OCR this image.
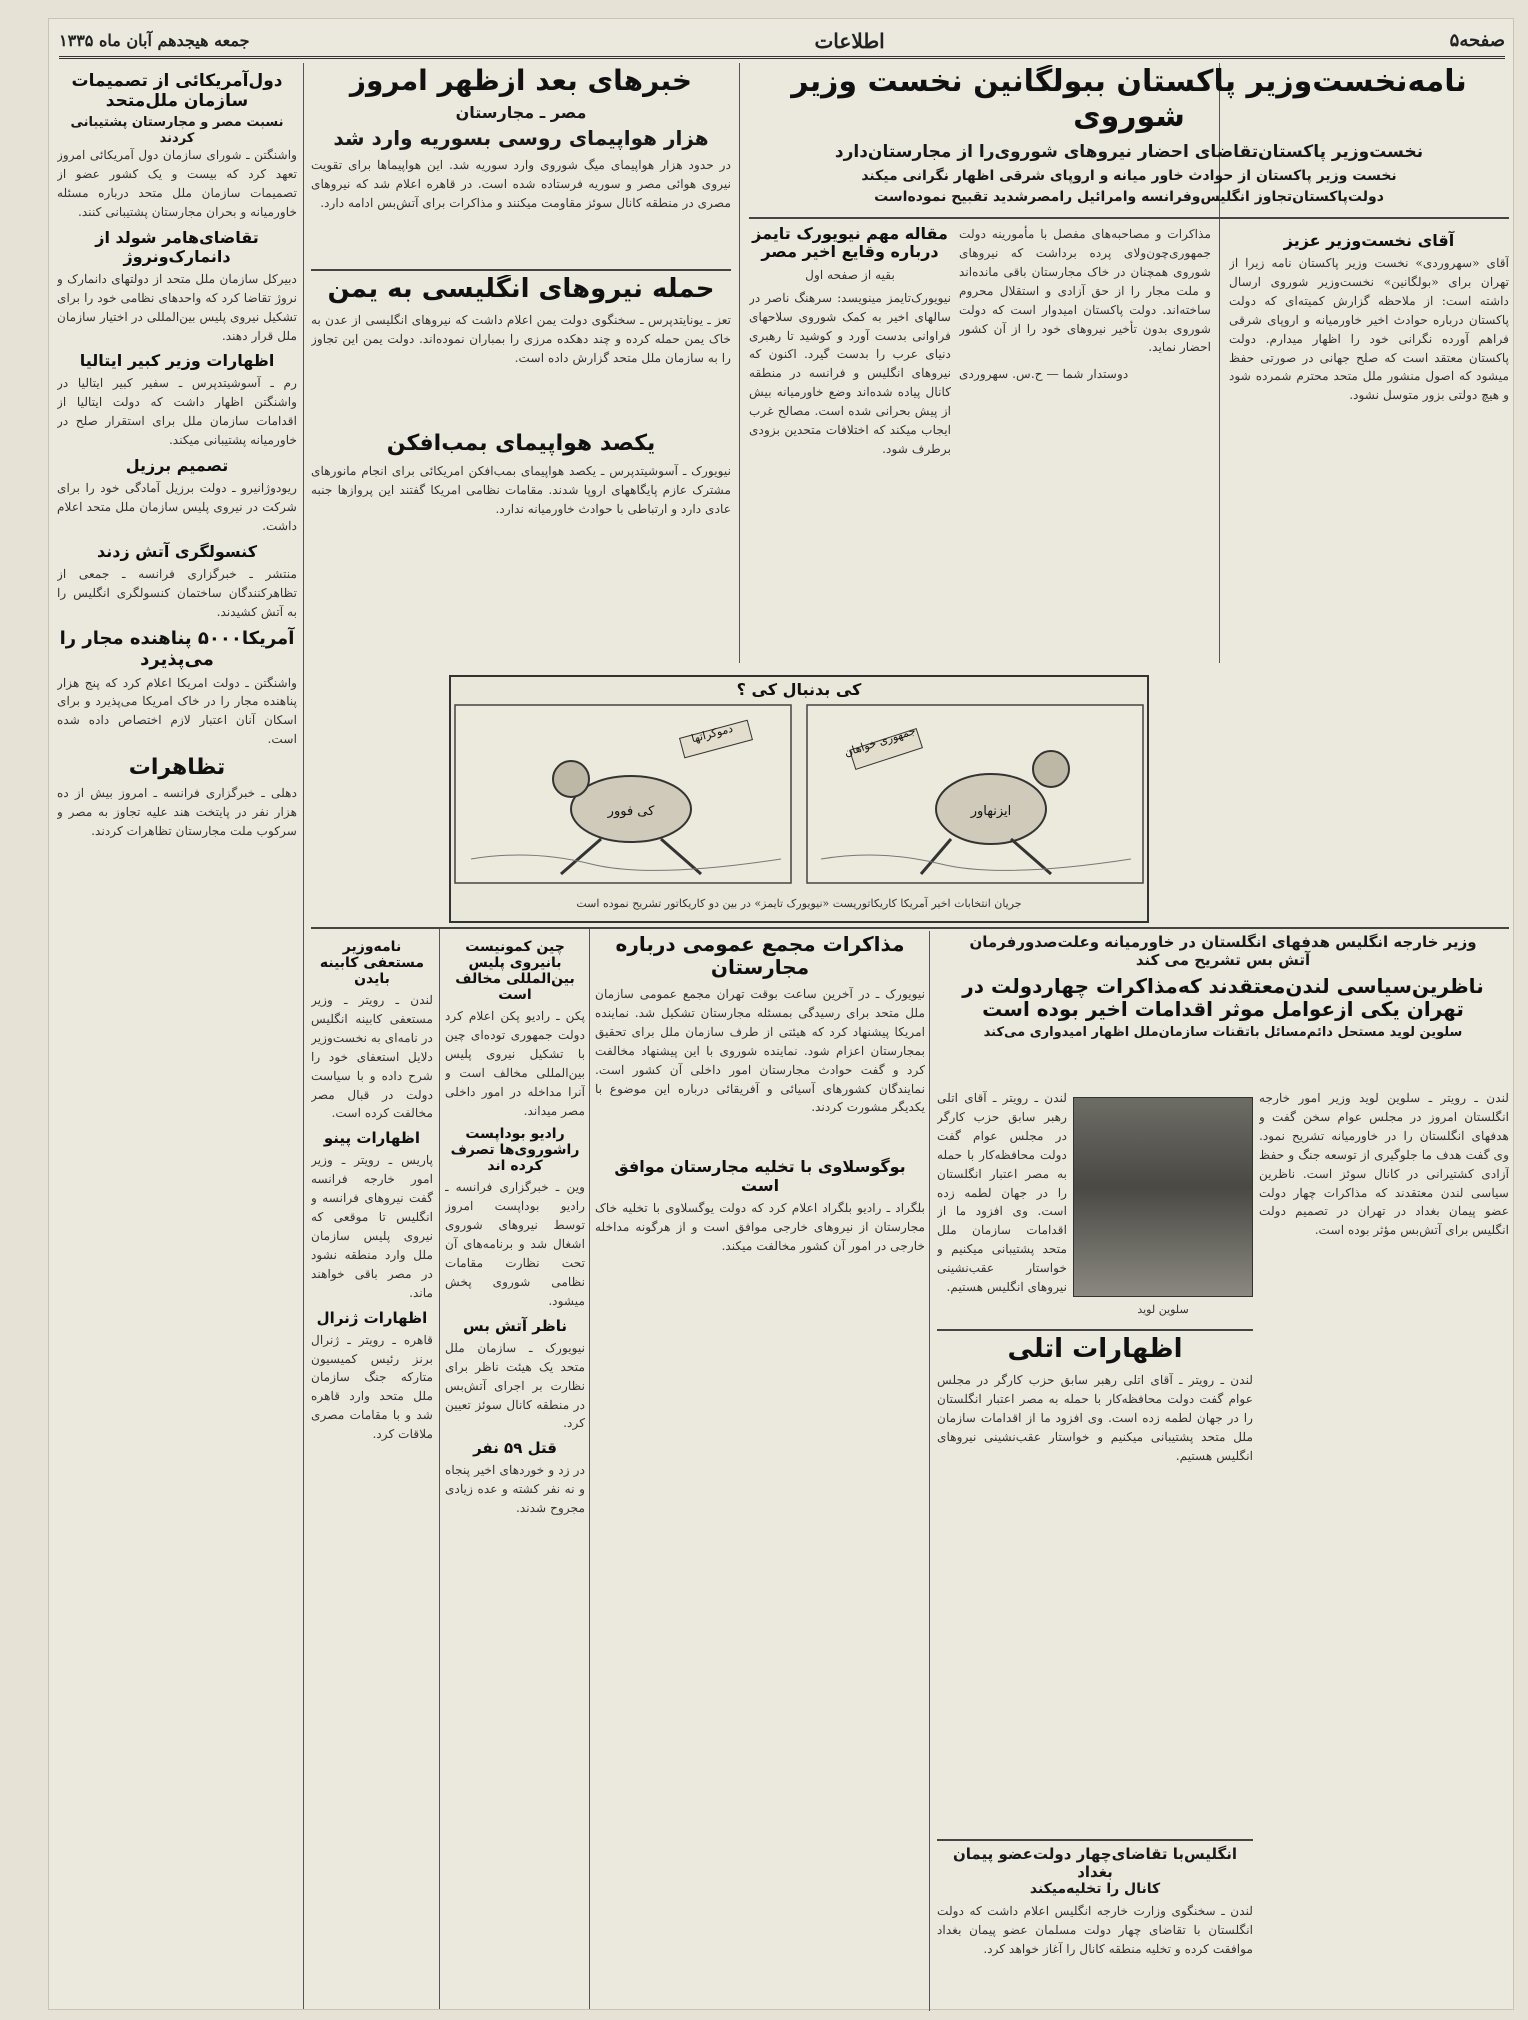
صفحه۵
اطلاعات
جمعه هیجدهم آبان ماه ۱۳۳۵
نامه‌نخست‌وزیر پاکستان ببولگانین نخست وزیر شوروی
نخست‌وزیر پاکستان‌تقاضای احضار نیروهای شوروی‌را از مجارستان‌دارد
نخست وزیر پاکستان از حوادث خاور میانه و اروپای شرقی اظهار نگرانی میکند
دولت‌پاکستان‌تجاوز انگلیس‌وفرانسه وامرائیل رامصرشدید تقبیح نموده‌است
آقای نخست‌وزیر عزیز
آقای «سهروردی» نخست وزیر پاکستان نامه زیرا از تهران برای «بولگانین» نخست‌وزیر شوروی ارسال داشته است: از ملاحظه گزارش کمیته‌ای که دولت پاکستان درباره حوادث اخیر خاورمیانه و اروپای شرقی فراهم آورده نگرانی خود را اظهار میدارم. دولت پاکستان معتقد است که صلح جهانی در صورتی حفظ میشود که اصول منشور ملل متحد محترم شمرده شود و هیچ دولتی بزور متوسل نشود.
مذاکرات و مصاحبه‌های مفصل با مأمورینه دولت جمهوری‌چون‌ولای پرده برداشت که نیروهای شوروی همچنان در خاک مجارستان باقی مانده‌اند و ملت مجار را از حق آزادی و استقلال محروم ساخته‌اند. دولت پاکستان امیدوار است که دولت شوروی بدون تأخیر نیروهای خود را از آن کشور احضار نماید.
دوستدار شما — ح‌.س‌. سهروردی
مقاله مهم نیویورک تایمز درباره وقایع اخیر مصر
بقیه از صفحه اول
نیویورک‌تایمز مینویسد: سرهنگ ناصر در سالهای اخیر به کمک شوروی سلاحهای فراوانی بدست آورد و کوشید تا رهبری دنیای عرب را بدست گیرد. اکنون که نیروهای انگلیس و فرانسه در منطقه کانال پیاده شده‌اند وضع خاورمیانه بیش از پیش بحرانی شده است. مصالح غرب ایجاب میکند که اختلافات متحدین بزودی برطرف شود.
خبرهای بعد ازظهر امروز
مصر ـ مجارستان
هزار هواپیمای روسی بسوریه وارد شد
در حدود هزار هواپیمای میگ شوروی وارد سوریه شد. این هواپیماها برای تقویت نیروی هوائی مصر و سوریه فرستاده شده است. در قاهره اعلام شد که نیروهای مصری در منطقه کانال سوئز مقاومت میکنند و مذاکرات برای آتش‌بس ادامه دارد.
حمله نیروهای انگلیسی به یمن
تعز ـ یونایتدپرس ـ سخنگوی دولت یمن اعلام داشت که نیروهای انگلیسی از عدن به خاک یمن حمله کرده و چند دهکده مرزی را بمباران نموده‌اند. دولت یمن این تجاوز را به سازمان ملل متحد گزارش داده است.
یکصد هواپیمای بمب‌افکن
نیویورک ـ آسوشیتدپرس ـ یکصد هواپیمای بمب‌افکن امریکائی برای انجام مانورهای مشترک عازم پایگاههای اروپا شدند. مقامات نظامی امریکا گفتند این پروازها جنبه عادی دارد و ارتباطی با حوادث خاورمیانه ندارد.
دول‌آمریکائی از تصمیمات سازمان ملل‌متحد
نسبت مصر و مجارستان پشتیبانی کردند
واشنگتن ـ شورای سازمان دول آمریکائی امروز تعهد کرد که بیست و یک کشور عضو از تصمیمات سازمان ملل متحد درباره مسئله خاورمیانه و بحران مجارستان پشتیبانی کنند.
تقاضای‌هامر شولد از دانمارک‌ونروژ
دبیرکل سازمان ملل متحد از دولتهای دانمارک و نروژ تقاضا کرد که واحدهای نظامی خود را برای تشکیل نیروی پلیس بین‌المللی در اختیار سازمان ملل قرار دهند.
اظهارات وزیر کبیر ایتالیا
رم ـ آسوشیتدپرس ـ سفیر کبیر ایتالیا در واشنگتن اظهار داشت که دولت ایتالیا از اقدامات سازمان ملل برای استقرار صلح در خاورمیانه پشتیبانی میکند.
تصمیم برزیل
ریودوژانیرو ـ دولت برزیل آمادگی خود را برای شرکت در نیروی پلیس سازمان ملل متحد اعلام داشت.
کنسولگری آتش زدند
منتشر ـ خبرگزاری فرانسه ـ جمعی از تظاهرکنندگان ساختمان کنسولگری انگلیس را به آتش کشیدند.
آمریکا۵۰۰۰ پناهنده مجار را می‌پذیرد
واشنگتن ـ دولت امریکا اعلام کرد که پنج هزار پناهنده مجار را در خاک امریکا می‌پذیرد و برای اسکان آنان اعتبار لازم اختصاص داده شده است.
تظاهرات
دهلی ـ خبرگزاری فرانسه ـ امروز بیش از ده هزار نفر در پایتخت هند علیه تجاوز به مصر و سرکوب ملت مجارستان تظاهرات کردند.
نامه‌وزیر مستعفی کابینه بایدن
لندن ـ رویتر ـ وزیر مستعفی کابینه انگلیس در نامه‌ای به نخست‌وزیر دلایل استعفای خود را شرح داده و با سیاست دولت در قبال مصر مخالفت کرده است.
اظهارات پینو
پاریس ـ رویتر ـ وزیر امور خارجه فرانسه گفت نیروهای فرانسه و انگلیس تا موقعی که نیروی پلیس سازمان ملل وارد منطقه نشود در مصر باقی خواهند ماند.
اظهارات ژنرال
قاهره ـ رویتر ـ ژنرال برنز رئیس کمیسیون متارکه جنگ سازمان ملل متحد وارد قاهره شد و با مقامات مصری ملاقات کرد.
چین کمونیست بانیروی پلیس بین‌المللی مخالف است
پکن ـ رادیو پکن اعلام کرد دولت جمهوری توده‌ای چین با تشکیل نیروی پلیس بین‌المللی مخالف است و آنرا مداخله در امور داخلی مصر میداند.
رادیو بوداپست راشوروی‌ها تصرف کرده اند
وین ـ خبرگزاری فرانسه ـ رادیو بوداپست امروز توسط نیروهای شوروی اشغال شد و برنامه‌های آن تحت نظارت مقامات نظامی شوروی پخش میشود.
ناظر آتش بس
نیویورک ـ سازمان ملل متحد یک هیئت ناظر برای نظارت بر اجرای آتش‌بس در منطقه کانال سوئز تعیین کرد.
قتل ۵۹ نفر
در زد و خوردهای اخیر پنجاه و نه نفر کشته و عده زیادی مجروح شدند.
کی بدنبال کی ؟
ایزنهاور
کی فوور
جمهوری خواهان
دموکراتها
جریان انتخابات اخیر آمریکا کاریکاتوریست «نیویورک تایمز» در بین دو کاریکاتور تشریح نموده است
مذاکرات مجمع عمومی درباره مجارستان
نیویورک ـ در آخرین ساعت بوقت تهران مجمع عمومی سازمان ملل متحد برای رسیدگی بمسئله مجارستان تشکیل شد. نماینده امریکا پیشنهاد کرد که هیئتی از طرف سازمان ملل برای تحقیق بمجارستان اعزام شود. نماینده شوروی با این پیشنهاد مخالفت کرد و گفت حوادث مجارستان امور داخلی آن کشور است. نمایندگان کشورهای آسیائی و آفریقائی درباره این موضوع با یکدیگر مشورت کردند.
بوگوسلاوی با تخلیه مجارستان موافق است
بلگراد ـ رادیو بلگراد اعلام کرد که دولت یوگسلاوی با تخلیه خاک مجارستان از نیروهای خارجی موافق است و از هرگونه مداخله خارجی در امور آن کشور مخالفت میکند.
وزیر خارجه انگلیس هدفهای انگلستان در خاورمیانه وعلت‌صدورفرمان
آتش بس تشریح می کند
ناظرین‌سیاسی لندن‌معتقدند که‌مذاکرات چهاردولت در
تهران یکی ازعوامل موثر اقدامات اخیر بوده است
سلوین لوید مستحل‌ دائم‌مسائل‌ باتقنات‌ سازمان‌ملل‌ اظهار امیدواری‌ می‌کند
لندن ـ رویتر ـ سلوین لوید وزیر امور خارجه انگلستان امروز در مجلس عوام سخن گفت و هدفهای انگلستان را در خاورمیانه تشریح نمود. وی گفت هدف ما جلوگیری از توسعه جنگ و حفظ آزادی کشتیرانی در کانال سوئز است. ناظرین سیاسی لندن معتقدند که مذاکرات چهار دولت عضو پیمان بغداد در تهران در تصمیم دولت انگلیس برای آتش‌بس مؤثر بوده است.
سلوین لوید
لندن ـ رویتر ـ آقای اتلی رهبر سابق حزب کارگر در مجلس عوام گفت دولت محافظه‌کار با حمله به مصر اعتبار انگلستان را در جهان لطمه زده است. وی افزود ما از اقدامات سازمان ملل متحد پشتیبانی میکنیم و خواستار عقب‌نشینی نیروهای انگلیس هستیم.
اظهارات اتلی
لندن ـ رویتر ـ آقای اتلی رهبر سابق حزب کارگر در مجلس عوام گفت دولت محافظه‌کار با حمله به مصر اعتبار انگلستان را در جهان لطمه زده است. وی افزود ما از اقدامات سازمان ملل متحد پشتیبانی میکنیم و خواستار عقب‌نشینی نیروهای انگلیس هستیم.
انگلیس‌با تقاضای‌چهار دولت‌عضو پیمان بغداد
کانال را تخلیه‌میکند
لندن ـ سخنگوی وزارت خارجه انگلیس اعلام داشت که دولت انگلستان با تقاضای چهار دولت مسلمان عضو پیمان بغداد موافقت کرده و تخلیه منطقه کانال را آغاز خواهد کرد.
